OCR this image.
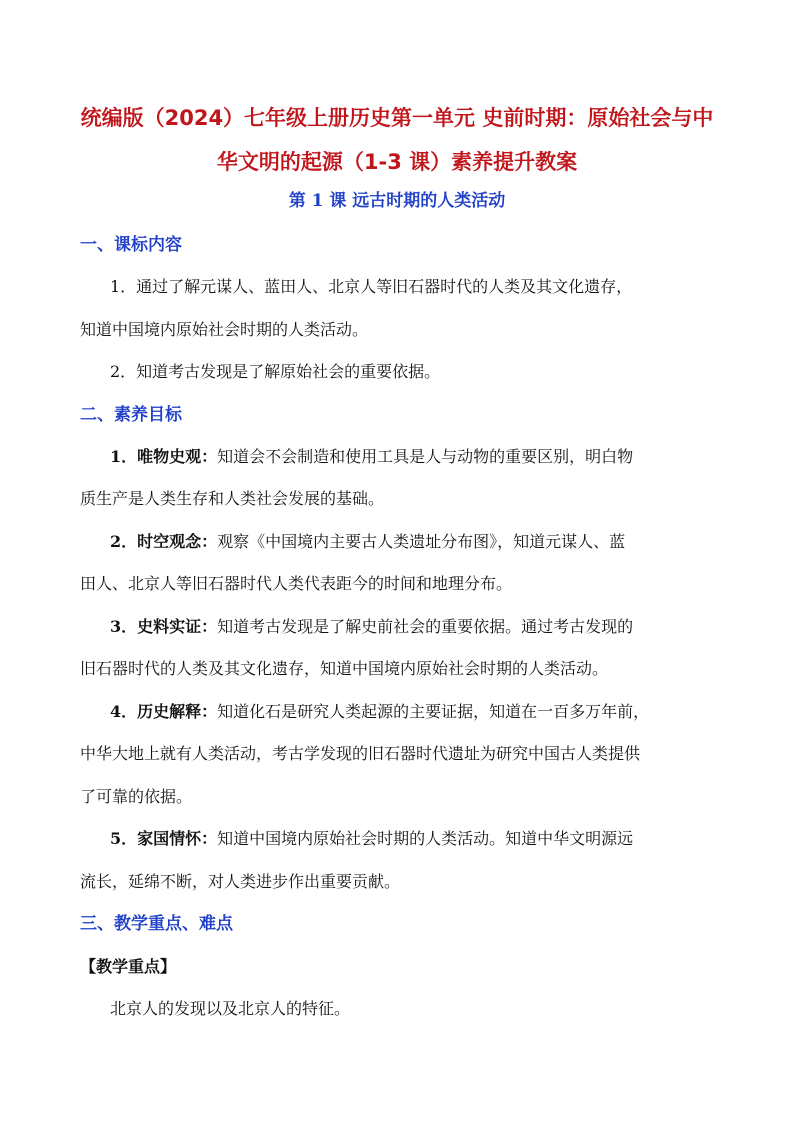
统编版（2024）七年级上册历史第一单元 史前时期：原始社会与中
华文明的起源（1-3 课）素养提升教案
第 1 课 远古时期的人类活动
一、课标内容
1．通过了解元谋人、蓝田人、北京人等旧石器时代的人类及其文化遗存，
知道中国境内原始社会时期的人类活动。
2．知道考古发现是了解原始社会的重要依据。
二、素养目标
1．唯物史观：知道会不会制造和使用工具是人与动物的重要区别，明白物
质生产是人类生存和人类社会发展的基础。
2．时空观念：观察《中国境内主要古人类遗址分布图》，知道元谋人、蓝
田人、北京人等旧石器时代人类代表距今的时间和地理分布。
3．史料实证：知道考古发现是了解史前社会的重要依据。通过考古发现的
旧石器时代的人类及其文化遗存，知道中国境内原始社会时期的人类活动。
4．历史解释：知道化石是研究人类起源的主要证据，知道在一百多万年前，
中华大地上就有人类活动，考古学发现的旧石器时代遗址为研究中国古人类提供
了可靠的依据。
5．家国情怀：知道中国境内原始社会时期的人类活动。知道中华文明源远
流长，延绵不断，对人类进步作出重要贡献。
三、教学重点、难点
【教学重点】
北京人的发现以及北京人的特征。
